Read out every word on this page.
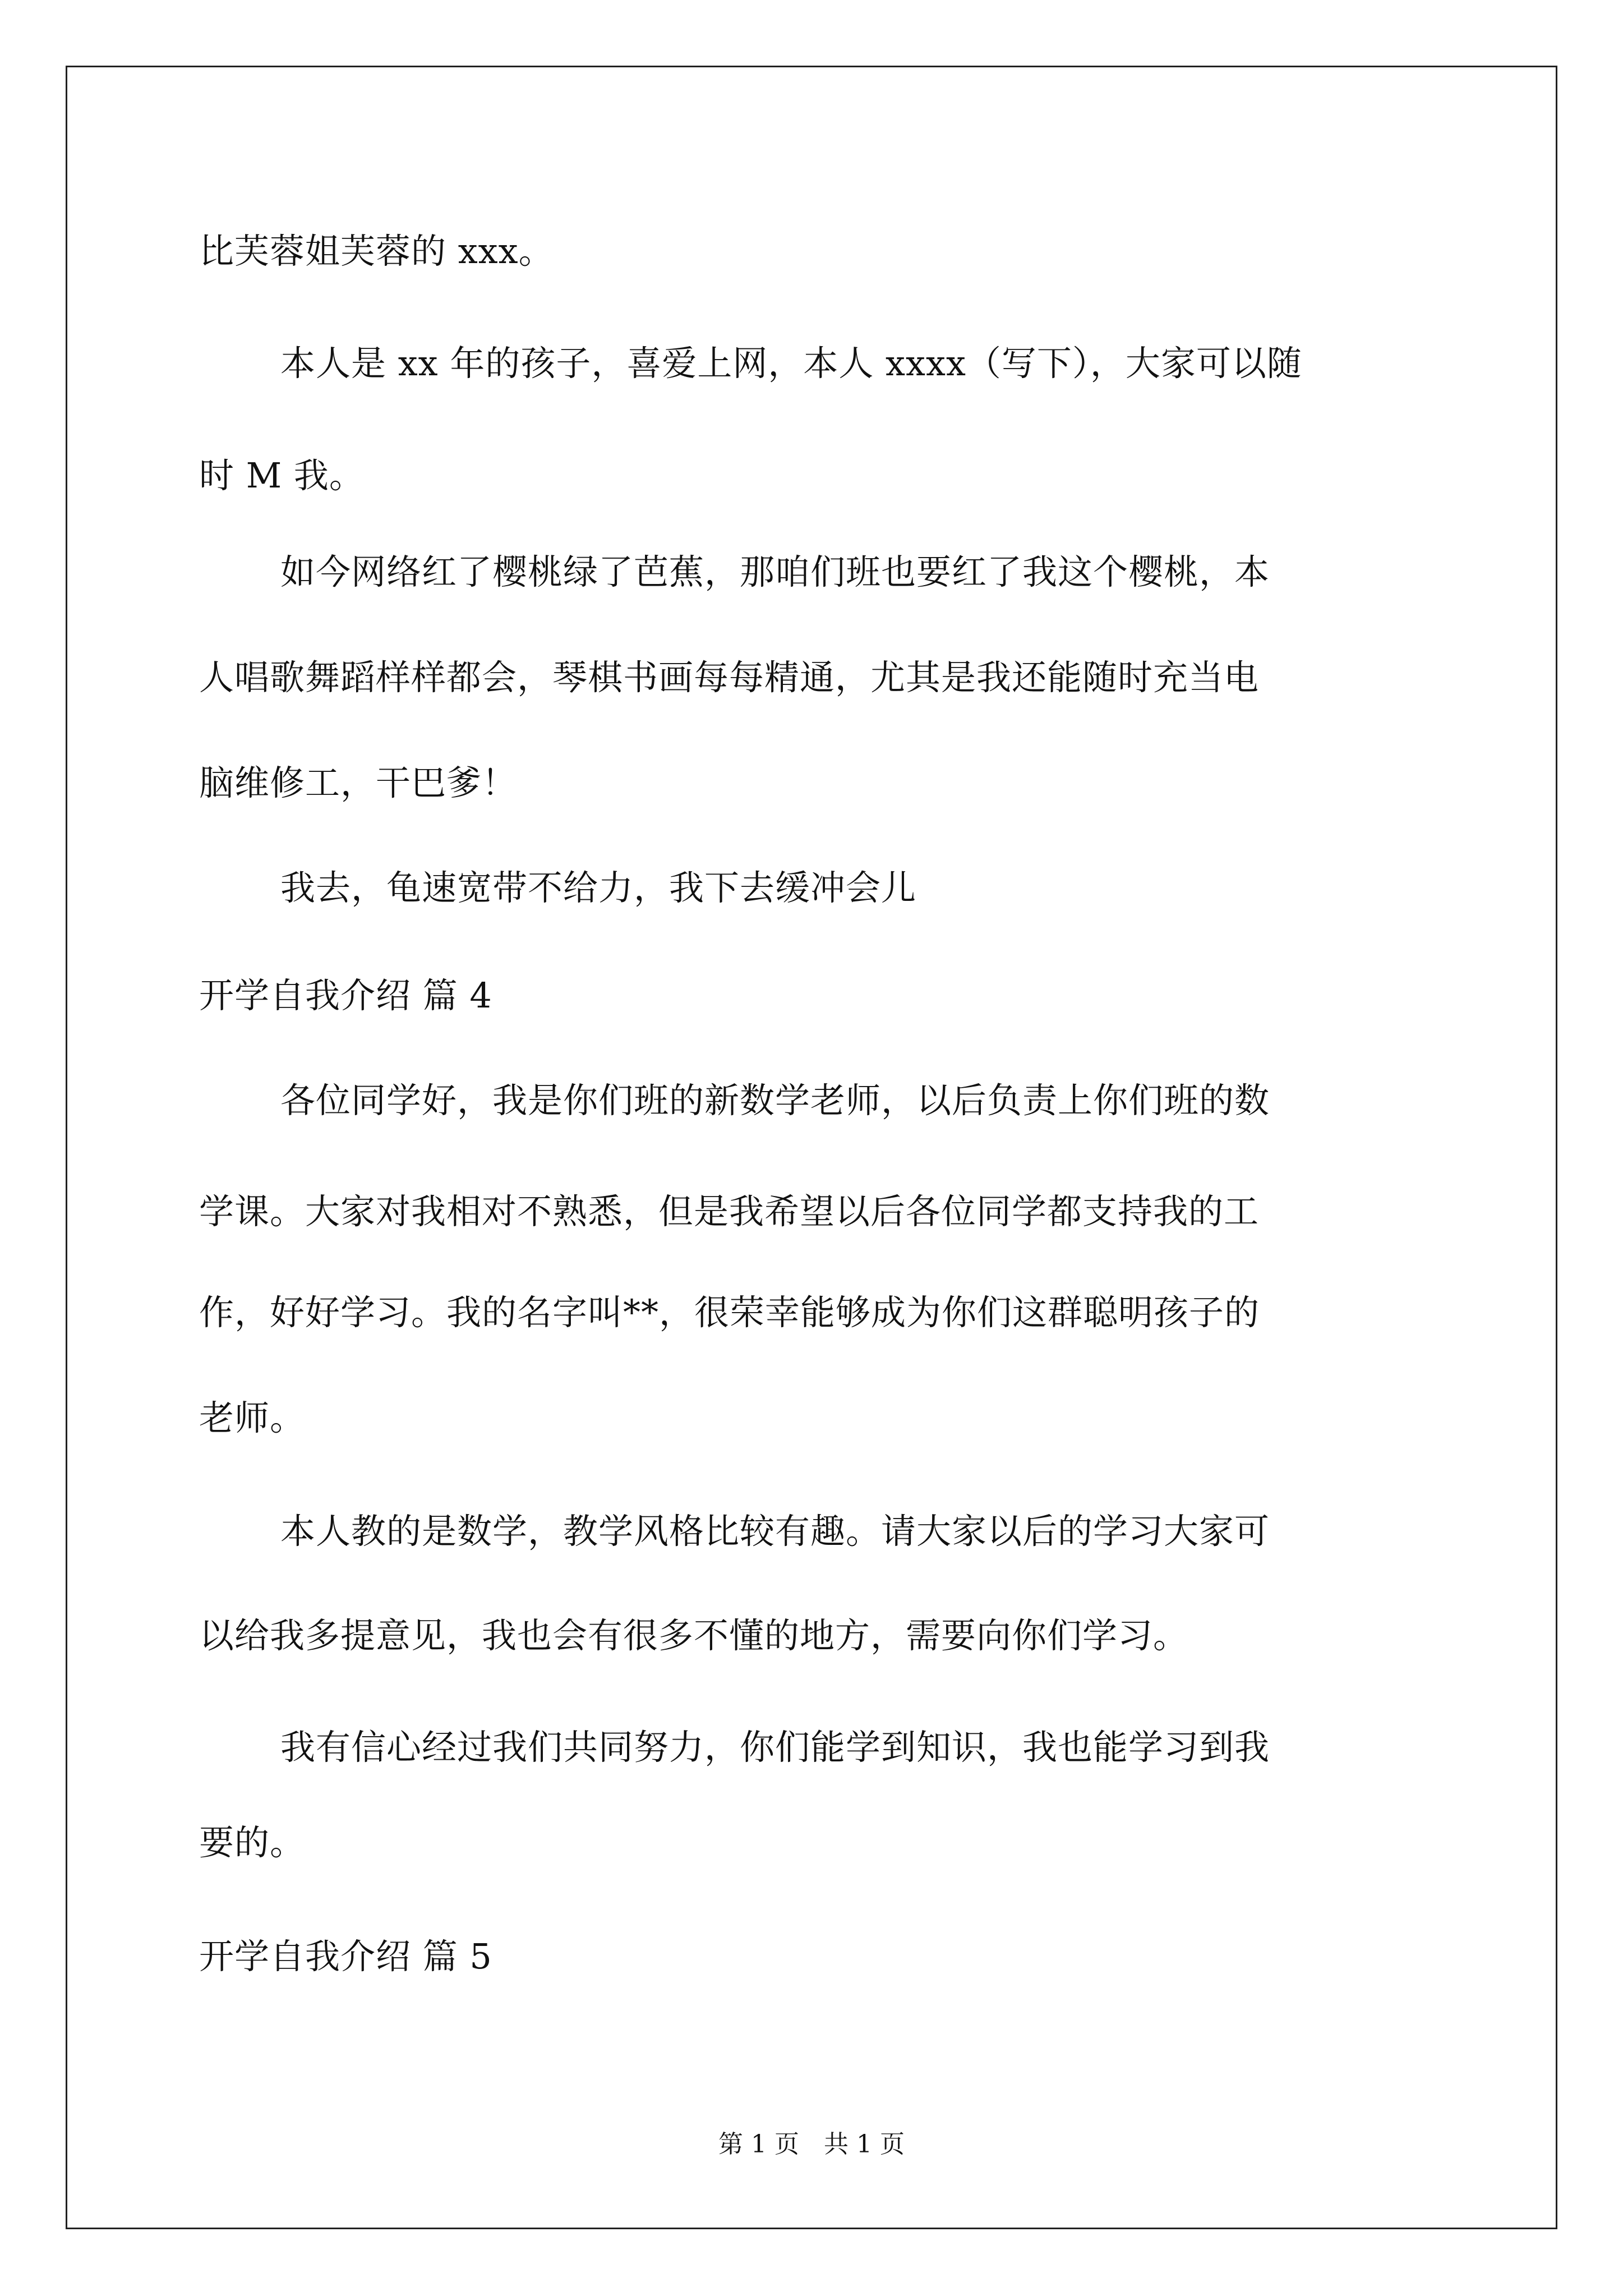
比芙蓉姐芙蓉的 xxx。
本人是 xx 年的孩子，喜爱上网，本人 xxxx（写下），大家可以随
时 M 我。
如今网络红了樱桃绿了芭蕉，那咱们班也要红了我这个樱桃，本
人唱歌舞蹈样样都会，琴棋书画每每精通，尤其是我还能随时充当电
脑维修工，干巴爹！
我去，龟速宽带不给力，我下去缓冲会儿
开学自我介绍 篇 4
各位同学好，我是你们班的新数学老师，以后负责上你们班的数
学课。大家对我相对不熟悉，但是我希望以后各位同学都支持我的工
作，好好学习。我的名字叫**，很荣幸能够成为你们这群聪明孩子的
老师。
本人教的是数学，教学风格比较有趣。请大家以后的学习大家可
以给我多提意见，我也会有很多不懂的地方，需要向你们学习。
我有信心经过我们共同努力，你们能学到知识，我也能学习到我
要的。
开学自我介绍 篇 5
第 1 页　共 1 页
